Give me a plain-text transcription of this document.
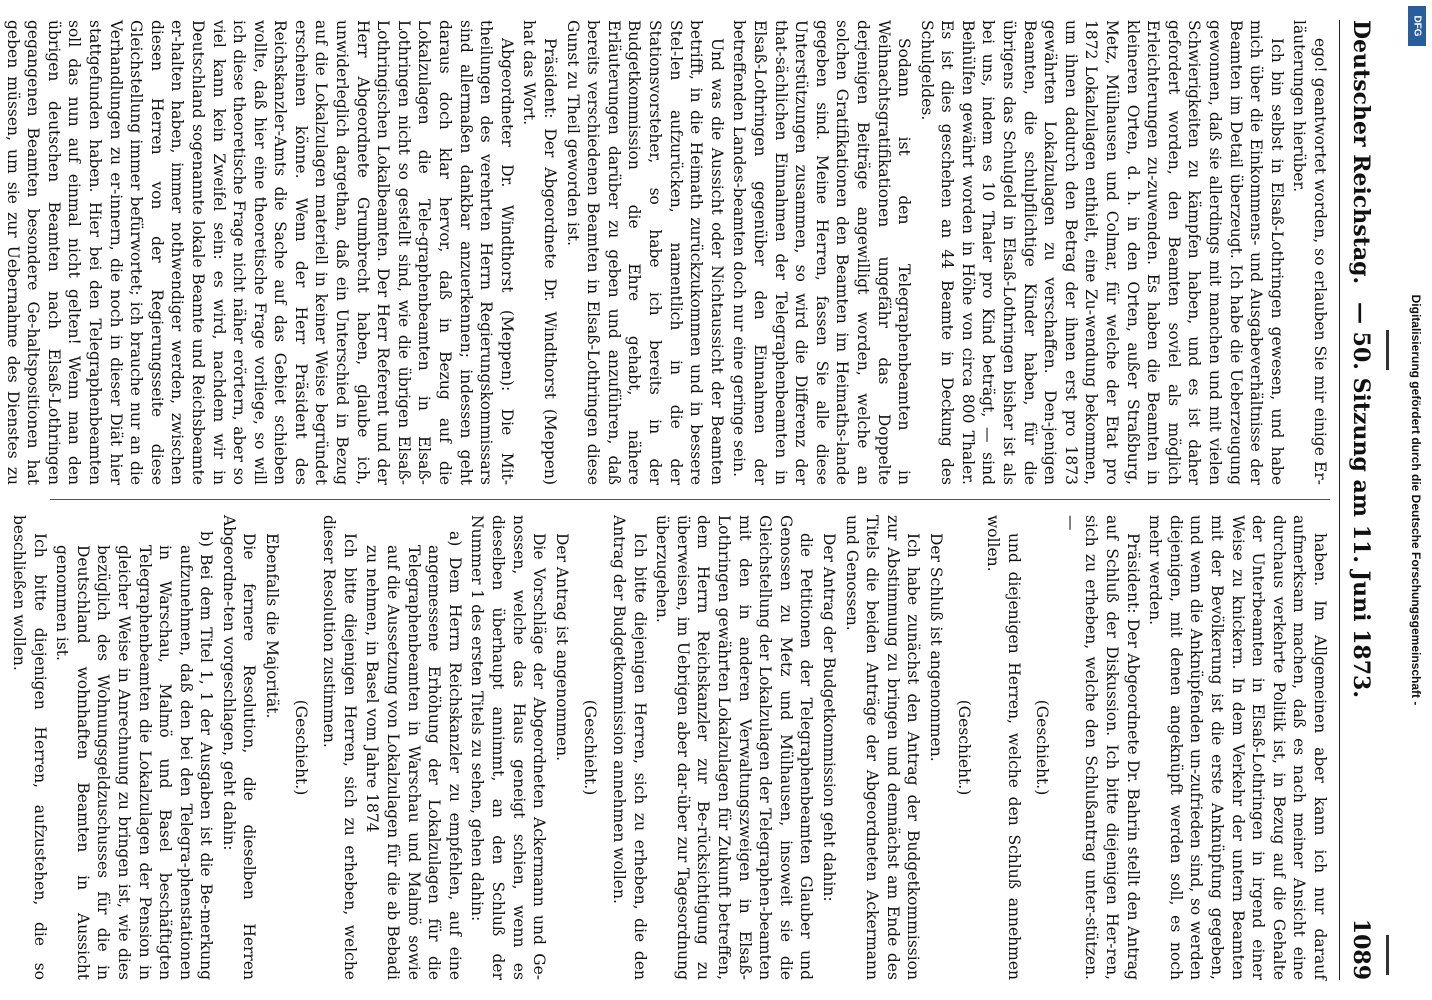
Deutscher Reichstag.
— 50. Sitzung am 11. Juni 1873.
1089

ego! geantwortet worden, so erlauben Sie mir einige Er-läuterungen hierüber.

Ich bin selbst in Elsaß-Lothringen gewesen, und habe mich über die Einkommens- und Ausgabeverhältnisse der Beamten im Detail überzeugt. Ich habe die Ueberzeugung gewonnen, daß sie allerdings mit manchen und mit vielen Schwierigkeiten zu kämpfen haben, und es ist daher gefordert worden, den Beamten soviel als möglich Erleichterungen zu-zuwenden. Es haben die Beamten in kleineren Orten, d. h. in den Orten, außer Straßburg, Metz, Mülhausen und Colmar, für welche der Etat pro 1872 Lokalzulagen enthielt, eine Zu-wendung bekommen, um ihnen dadurch den Betrag der ihnen erst pro 1873 gewährten Lokalzulagen zu verschaffen. Den-jenigen Beamten, die schulpflichtige Kinder haben, für die übrigens das Schulgeld in Elsaß-Lothringen bisher ist als bei uns, indem es 10 Thaler pro Kind beträgt, — sind Beihülfen gewährt worden in Höhe von circa 800 Thaler. Es ist dies geschehen an 44 Beamte in Deckung des Schulgeldes.

Sodann ist den Telegraphenbeamten in Weihnachtsgratifikationen ungefähr das Doppelte derjenigen Beiträge angewilligt worden, welche an solchen Gratifikationen den Beamten im Heimaths-lande gegeben sind. Meine Herren, fassen Sie alle diese Unterstützungen zusammen, so wird die Differenz der that-sächlichen Einnahmen der Telegraphenbeamten in Elsaß-Lothringen gegenüber den Einnahmen der betreffenden Landes-beamten doch nur eine geringe sein.

Und was die Aussicht oder Nichtaussicht der Beamten betrifft, in die Heimath zurückzukommen und in bessere Stel-len aufzurücken, namentlich in die der Stationsvorsteher, so habe ich bereits in der Budgetkommission die Ehre gehabt, nähere Erläuterungen darüber zu geben und anzuführen, daß bereits verschiedenen Beamten in Elsaß-Lothringen diese Gunst zu Theil geworden ist.

Präsident: Der Abgeordnete Dr. Windthorst (Meppen) hat das Wort.

Abgeordneter Dr. Windthorst (Meppen): Die Mit-theilungen des verehrten Herrn Regierungskommissars sind allermaßen dankbar anzuerkennen; indessen geht daraus doch klar hervor, daß in Bezug auf die Lokalzulagen die Tele-graphenbeamten in Elsaß-Lothringen nicht so gestellt sind, wie die übrigen Elsaß-Lothringischen Lokalbeamten. Der Herr Referent und der Herr Abgeordnete Grumbrecht haben, glaube ich, unwiderleglich dargethan, daß ein Unterschied in Bezug auf die Lokalzulagen materiell in keiner Weise begründet erscheinen könne. Wenn der Herr Präsident des Reichskanzler-Amts die Sache auf das Gebiet schieben wollte, daß hier eine theoretische Frage vorliege, so will ich diese theoretische Frage nicht näher erörtern, aber so viel kann kein Zweifel sein: es wird, nachdem wir in Deutschland sogenannte lokale Beamte und Reichsbeamte er-halten haben, immer nothwendiger werden, zwischen diesen Herren von der Regierungsseite diese Gleichstellung immer befürwortet; ich brauche nur an die Verhandlungen zu er-innern, die noch in dieser Diät hier stattgefunden haben. Hier bei den Telegraphenbeamten soll das nun auf einmal nicht gelten! Wenn man den übrigen deutschen Beamten nach Elsaß-Lothringen gegangenen Beamten besondere Ge-haltspositionen hat geben müssen, um sie zur Uebernahme des Dienstes zu

haben. Im Allgemeinen aber kann ich nur darauf aufmerksam machen, daß es nach meiner Ansicht eine durchaus verkehrte Politik ist, in Bezug auf die Gehalte der Unterbeamten in Elsaß-Lothringen in irgend einer Weise zu knickern. In dem Verkehr der untern Beamten mit der Bevölkerung ist die erste Anknüpfung gegeben, und wenn die Anknüpfenden un-zufrieden sind, so werden diejenigen, mit denen angeknüpft werden soll, es noch mehr werden.

Präsident: Der Abgeordnete Dr. Bahrin stellt den Antrag auf Schluß der Diskussion. Ich bitte diejenigen Her-ren, sich zu erheben, welche den Schlußantrag unter-stützen. —

(Geschieht.)

und diejenigen Herren, welche den Schluß annehmen wollen.

(Geschieht.)

Der Schluß ist angenommen.

Ich habe zunächst den Antrag der Budgetkommission zur Abstimmung zu bringen und demnächst am Ende des Titels die beiden Anträge der Abgeordneten Ackermann und Genossen.

Der Antrag der Budgetkommission geht dahin:

die Petitionen der Telegraphenbeamten Glauber und Genossen zu Metz und Mülhausen, insoweit sie die Gleichstellung der Lokalzulagen der Telegraphen-beamten mit den in anderen Verwaltungszweigen in Elsaß-Lothringen gewährten Lokalzulagen für Zukunft betreffen, dem Herrn Reichskanzler zur Be-rücksichtigung zu überweisen, im Uebrigen aber dar-über zur Tagesordnung überzugehen.

Ich bitte diejenigen Herren, sich zu erheben, die den Antrag der Budgetkommission annehmen wollen.

(Geschieht.)

Der Antrag ist angenommen.

Die Vorschläge der Abgeordneten Ackermann und Ge-nossen, welche das Haus geneigt schien, wenn es dieselben überhaupt annimmt, an den Schluß der Nummer 1 des ersten Titels zu sehen, gehen dahin:

a) Dem Herrn Reichskanzler zu empfehlen, auf eine angemessene Erhöhung der Lokalzulagen für die Telegraphenbeamten in Warschau und Malmö sowie auf die Aussetzung von Lokalzulagen für die ab Bebadi zu nehmen, in Basel vom Jahre 1874

Ich bitte diejenigen Herren, sich zu erheben, welche dieser Resolution zustimmen.

(Geschieht.)

Ebenfalls die Majorität.

Die fernere Resolution, die dieselben Herren Abgeordne-ten vorgeschlagen, geht dahin:

b) Bei dem Titel 1, 1 der Ausgaben ist die Be-merkung aufzunehmen, daß den bei den Telegra-phenstationen in Warschau, Malmö und Basel beschäftigten Telegraphenbeamten die Lokalzulagen der Pension in gleicher Weise in Anrechnung zu bringen ist, wie dies bezüglich des Wohnungsgeldzuschusses für die in Deutschland wohnhaften Beamten in Aussicht genommen ist.

Ich bitte diejenigen Herren, aufzustehen, die so beschließen wollen.

DFG
Digitalisierung gefördert durch die Deutsche Forschungsgemeinschaft -
